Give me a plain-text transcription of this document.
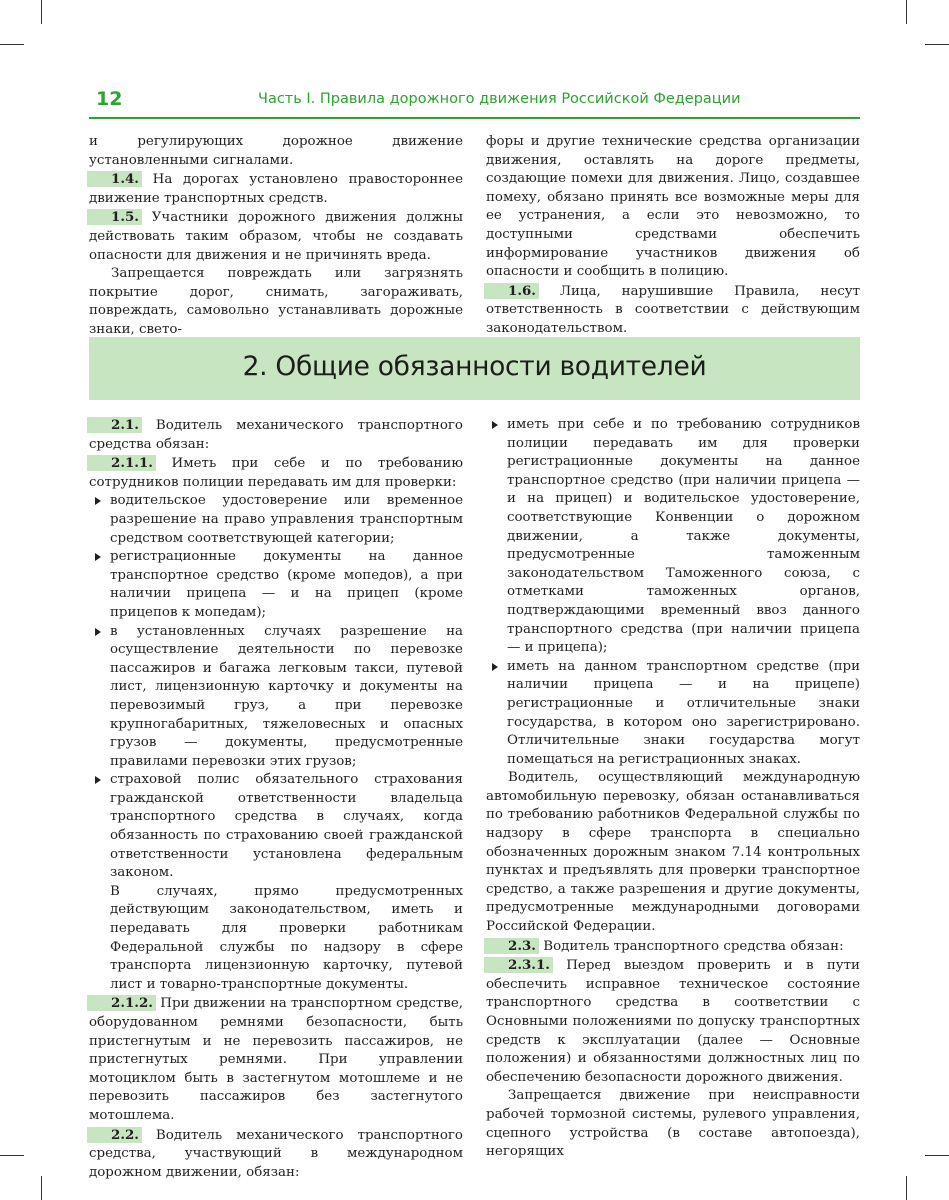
12	Часть I. Правила дорожного движения Российской Федерации

и регулирующих дорожное движение установленными сигналами.

1.4. На дорогах установлено правостороннее движение транспортных средств.

1.5. Участники дорожного движения должны действовать таким образом, чтобы не создавать опасности для движения и не причинять вреда.

Запрещается повреждать или загрязнять покрытие дорог, снимать, загораживать, повреждать, самовольно устанавливать дорожные знаки, свето-

форы и другие технические средства организации движения, оставлять на дороге предметы, создающие помехи для движения. Лицо, создавшее помеху, обязано принять все возможные меры для ее устранения, а если это невозможно, то доступными средствами обеспечить информирование участников движения об опасности и сообщить в полицию.

1.6. Лица, нарушившие Правила, несут ответственность в соответствии с действующим законодательством.

2. Общие обязанности водителей

2.1. Водитель механического транспортного средства обязан:

2.1.1. Иметь при себе и по требованию сотрудников полиции передавать им для проверки:

водительское удостоверение или временное разрешение на право управления транспортным средством соответствующей категории;
регистрационные документы на данное транспортное средство (кроме мопедов), а при наличии прицепа — и на прицеп (кроме прицепов к мопедам);
в установленных случаях разрешение на осуществление деятельности по перевозке пассажиров и багажа легковым такси, путевой лист, лицензионную карточку и документы на перевозимый груз, а при перевозке крупногабаритных, тяжеловесных и опасных грузов — документы, предусмотренные правилами перевозки этих грузов;
страховой полис обязательного страхования гражданской ответственности владельца транспортного средства в случаях, когда обязанность по страхованию своей гражданской ответственности установлена федеральным законом.

В случаях, прямо предусмотренных действующим законодательством, иметь и передавать для проверки работникам Федеральной службы по надзору в сфере транспорта лицензионную карточку, путевой лист и товарно-транспортные документы.

2.1.2. При движении на транспортном средстве, оборудованном ремнями безопасности, быть пристегнутым и не перевозить пассажиров, не пристегнутых ремнями. При управлении мотоциклом быть в застегнутом мотошлеме и не перевозить пассажиров без застегнутого мотошлема.

2.2. Водитель механического транспортного средства, участвующий в международном дорожном движении, обязан:

иметь при себе и по требованию сотрудников полиции передавать им для проверки регистрационные документы на данное транспортное средство (при наличии прицепа — и на прицеп) и водительское удостоверение, соответствующие Конвенции о дорожном движении, а также документы, предусмотренные таможенным законодательством Таможенного союза, с отметками таможенных органов, подтверждающими временный ввоз данного транспортного средства (при наличии прицепа — и прицепа);
иметь на данном транспортном средстве (при наличии прицепа — и на прицепе) регистрационные и отличительные знаки государства, в котором оно зарегистрировано. Отличительные знаки государства могут помещаться на регистрационных знаках.

Водитель, осуществляющий международную автомобильную перевозку, обязан останавливаться по требованию работников Федеральной службы по надзору в сфере транспорта в специально обозначенных дорожным знаком 7.14 контрольных пунктах и предъявлять для проверки транспортное средство, а также разрешения и другие документы, предусмотренные международными договорами Российской Федерации.

2.3. Водитель транспортного средства обязан:

2.3.1. Перед выездом проверить и в пути обеспечить исправное техническое состояние транспортного средства в соответствии с Основными положениями по допуску транспортных средств к эксплуатации (далее — Основные положения) и обязанностями должностных лиц по обеспечению безопасности дорожного движения.

Запрещается движение при неисправности рабочей тормозной системы, рулевого управления, сцепного устройства (в составе автопоезда), негорящих
